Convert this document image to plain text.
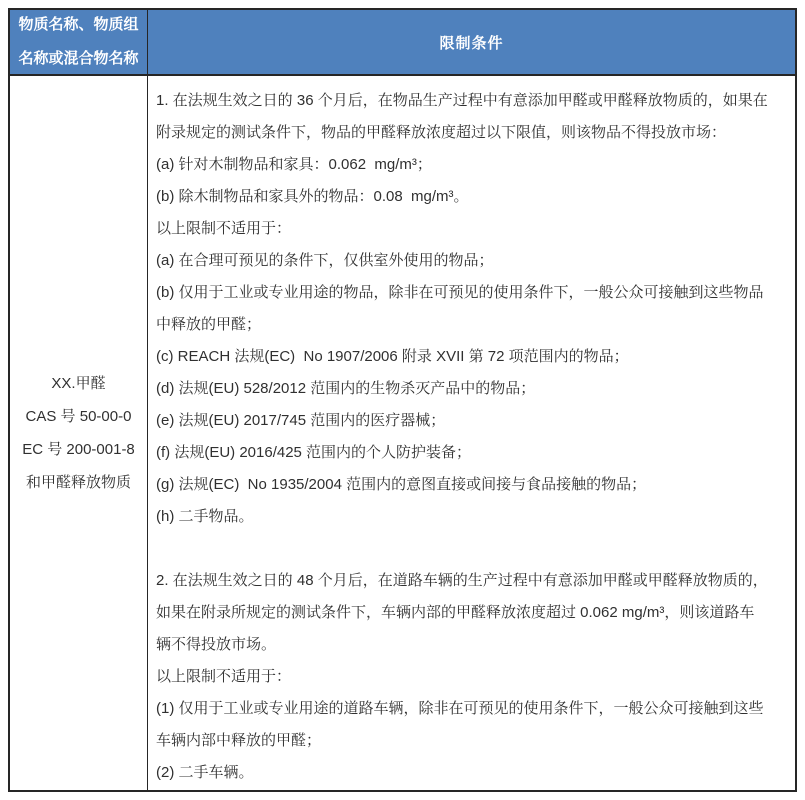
物质名称、物质组名称或混合物名称
限制条件
XX.甲醛
CAS 号 50-00-0
EC 号 200-001-8
和甲醛释放物质

1. 在法规生效之日的 36 个月后，在物品生产过程中有意添加甲醛或甲醛释放物质的，如果在附录规定的测试条件下，物品的甲醛释放浓度超过以下限值，则该物品不得投放市场：

(a) 针对木制物品和家具：0.062  mg/m³；

(b) 除木制物品和家具外的物品：0.08  mg/m³。

以上限制不适用于：

(a) 在合理可预见的条件下，仅供室外使用的物品；

(b) 仅用于工业或专业用途的物品，除非在可预见的使用条件下，一般公众可接触到这些物品中释放的甲醛；

(c) REACH 法规(EC)  No 1907/2006 附录 XVII 第 72 项范围内的物品；

(d) 法规(EU) 528/2012 范围内的生物杀灭产品中的物品；

(e) 法规(EU) 2017/745 范围内的医疗器械；

(f) 法规(EU) 2016/425 范围内的个人防护装备；

(g) 法规(EC)  No 1935/2004 范围内的意图直接或间接与食品接触的物品；

(h) 二手物品。

2. 在法规生效之日的 48 个月后，在道路车辆的生产过程中有意添加甲醛或甲醛释放物质的，如果在附录所规定的测试条件下，车辆内部的甲醛释放浓度超过 0.062 mg/m³，则该道路车辆不得投放市场。

以上限制不适用于：

(1) 仅用于工业或专业用途的道路车辆，除非在可预见的使用条件下，一般公众可接触到这些车辆内部中释放的甲醛；

(2) 二手车辆。
